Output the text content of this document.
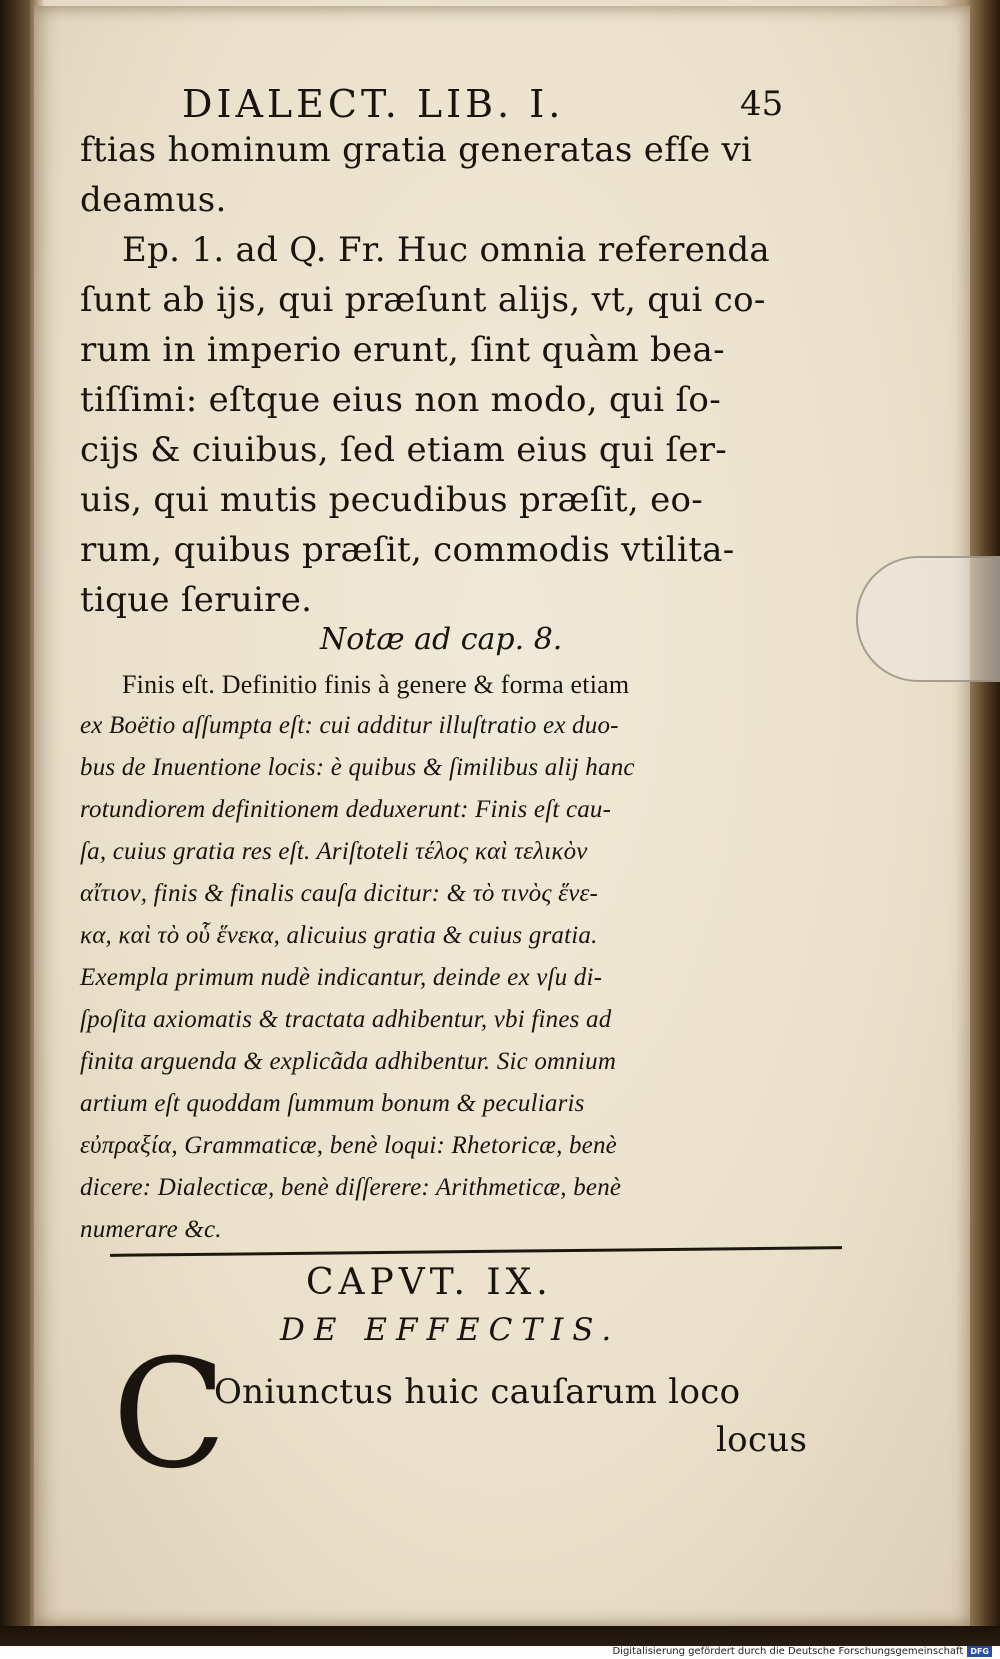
DIALECT. LIB. I.	45
ftias hominum gratia generatas efſe vi
deamus.
Ep. 1. ad Q. Fr. Huc omnia referenda
ſunt ab ijs, qui præſunt alijs, vt, qui co-
rum in imperio erunt, ſint quàm bea-
tiſſimi: eſtque eius non modo, qui ſo-
cijs & ciuibus, ſed etiam eius qui ſer-
uis, qui mutis pecudibus præſit, eo-
rum, quibus præſit, commodis vtilita-
tique ſeruire.
Notæ ad cap. 8.
Finis eſt. Definitio finis à genere & forma etiam
ex Boëtio aſſumpta eſt: cui additur illuſtratio ex duo-
bus de Inuentione locis: è quibus & ſimilibus alij hanc
rotundiorem definitionem deduxerunt: Finis eſt cau-
ſa, cuius gratia res eſt. Ariſtoteli τέλος καὶ τελικὸν
αἴτιον, finis & finalis cauſa dicitur: & τὸ τινὸς ἕνε-
κα, καὶ τὸ οὗ ἕνεκα, alicuius gratia & cuius gratia.
Exempla primum nudè indicantur, deinde ex vſu di-
ſpoſita axiomatis & tractata adhibentur, vbi fines ad
finita arguenda & explicãda adhibentur. Sic omnium
artium eſt quoddam ſummum bonum & peculiaris
εὐπραξία, Grammaticæ, benè loqui: Rhetoricæ, benè
dicere: Dialecticæ, benè diſſerere: Arithmeticæ, benè
numerare &c.
CAPVT. IX.
DE EFFECTIS.
C
Oniunctus huic cauſarum loco
locus
Digitalisierung gefördert durch die Deutsche Forschungsgemeinschaft DFG
